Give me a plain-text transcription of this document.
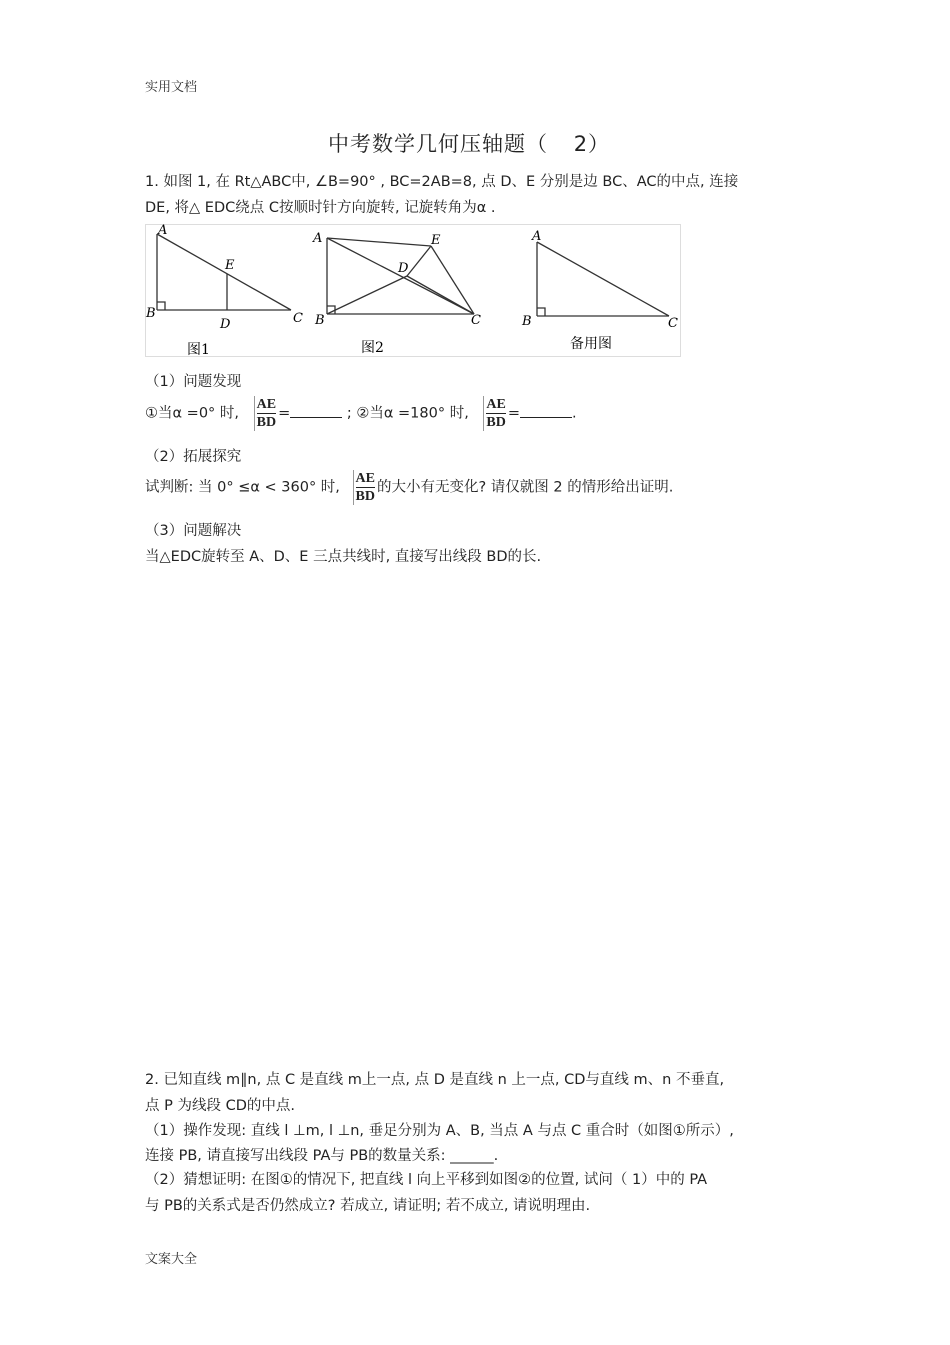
实用文档
中考数学几何压轴题（ 2）
1. 如图 1, 在 Rt△ABC中, ∠B=90° , BC=2AB=8, 点 D、E 分别是边 BC、AC的中点, 连接
DE, 将△ EDC绕点 C按顺时针方向旋转, 记旋转角为α .
A
B	C
D
E
图1
A
B	C
D
E
图2
A
B	C
备用图
（1）问题发现
①当α =0° 时, $\frac{AE}{BD}$ =	; ②当α =180° 时, $\frac{AE}{BD}$ =	.
（2）拓展探究
试判断: 当 0° ≤α < 360° 时, $\frac{AE}{BD}$ 的大小有无变化? 请仅就图 2 的情形给出证明.
（3）问题解决
当△EDC旋转至 A、D、E 三点共线时, 直接写出线段 BD的长.
2. 已知直线 m∥n, 点 C 是直线 m上一点, 点 D 是直线 n 上一点, CD与直线 m、n 不垂直,
点 P 为线段 CD的中点.
（1）操作发现: 直线 l ⊥m, l ⊥n, 垂足分别为 A、B, 当点 A 与点 C 重合时（如图①所示）,
连接 PB, 请直接写出线段 PA与 PB的数量关系: ______.
（2）猜想证明: 在图①的情况下, 把直线 l 向上平移到如图②的位置, 试问（ 1）中的 PA
与 PB的关系式是否仍然成立? 若成立, 请证明; 若不成立, 请说明理由.
文案大全
